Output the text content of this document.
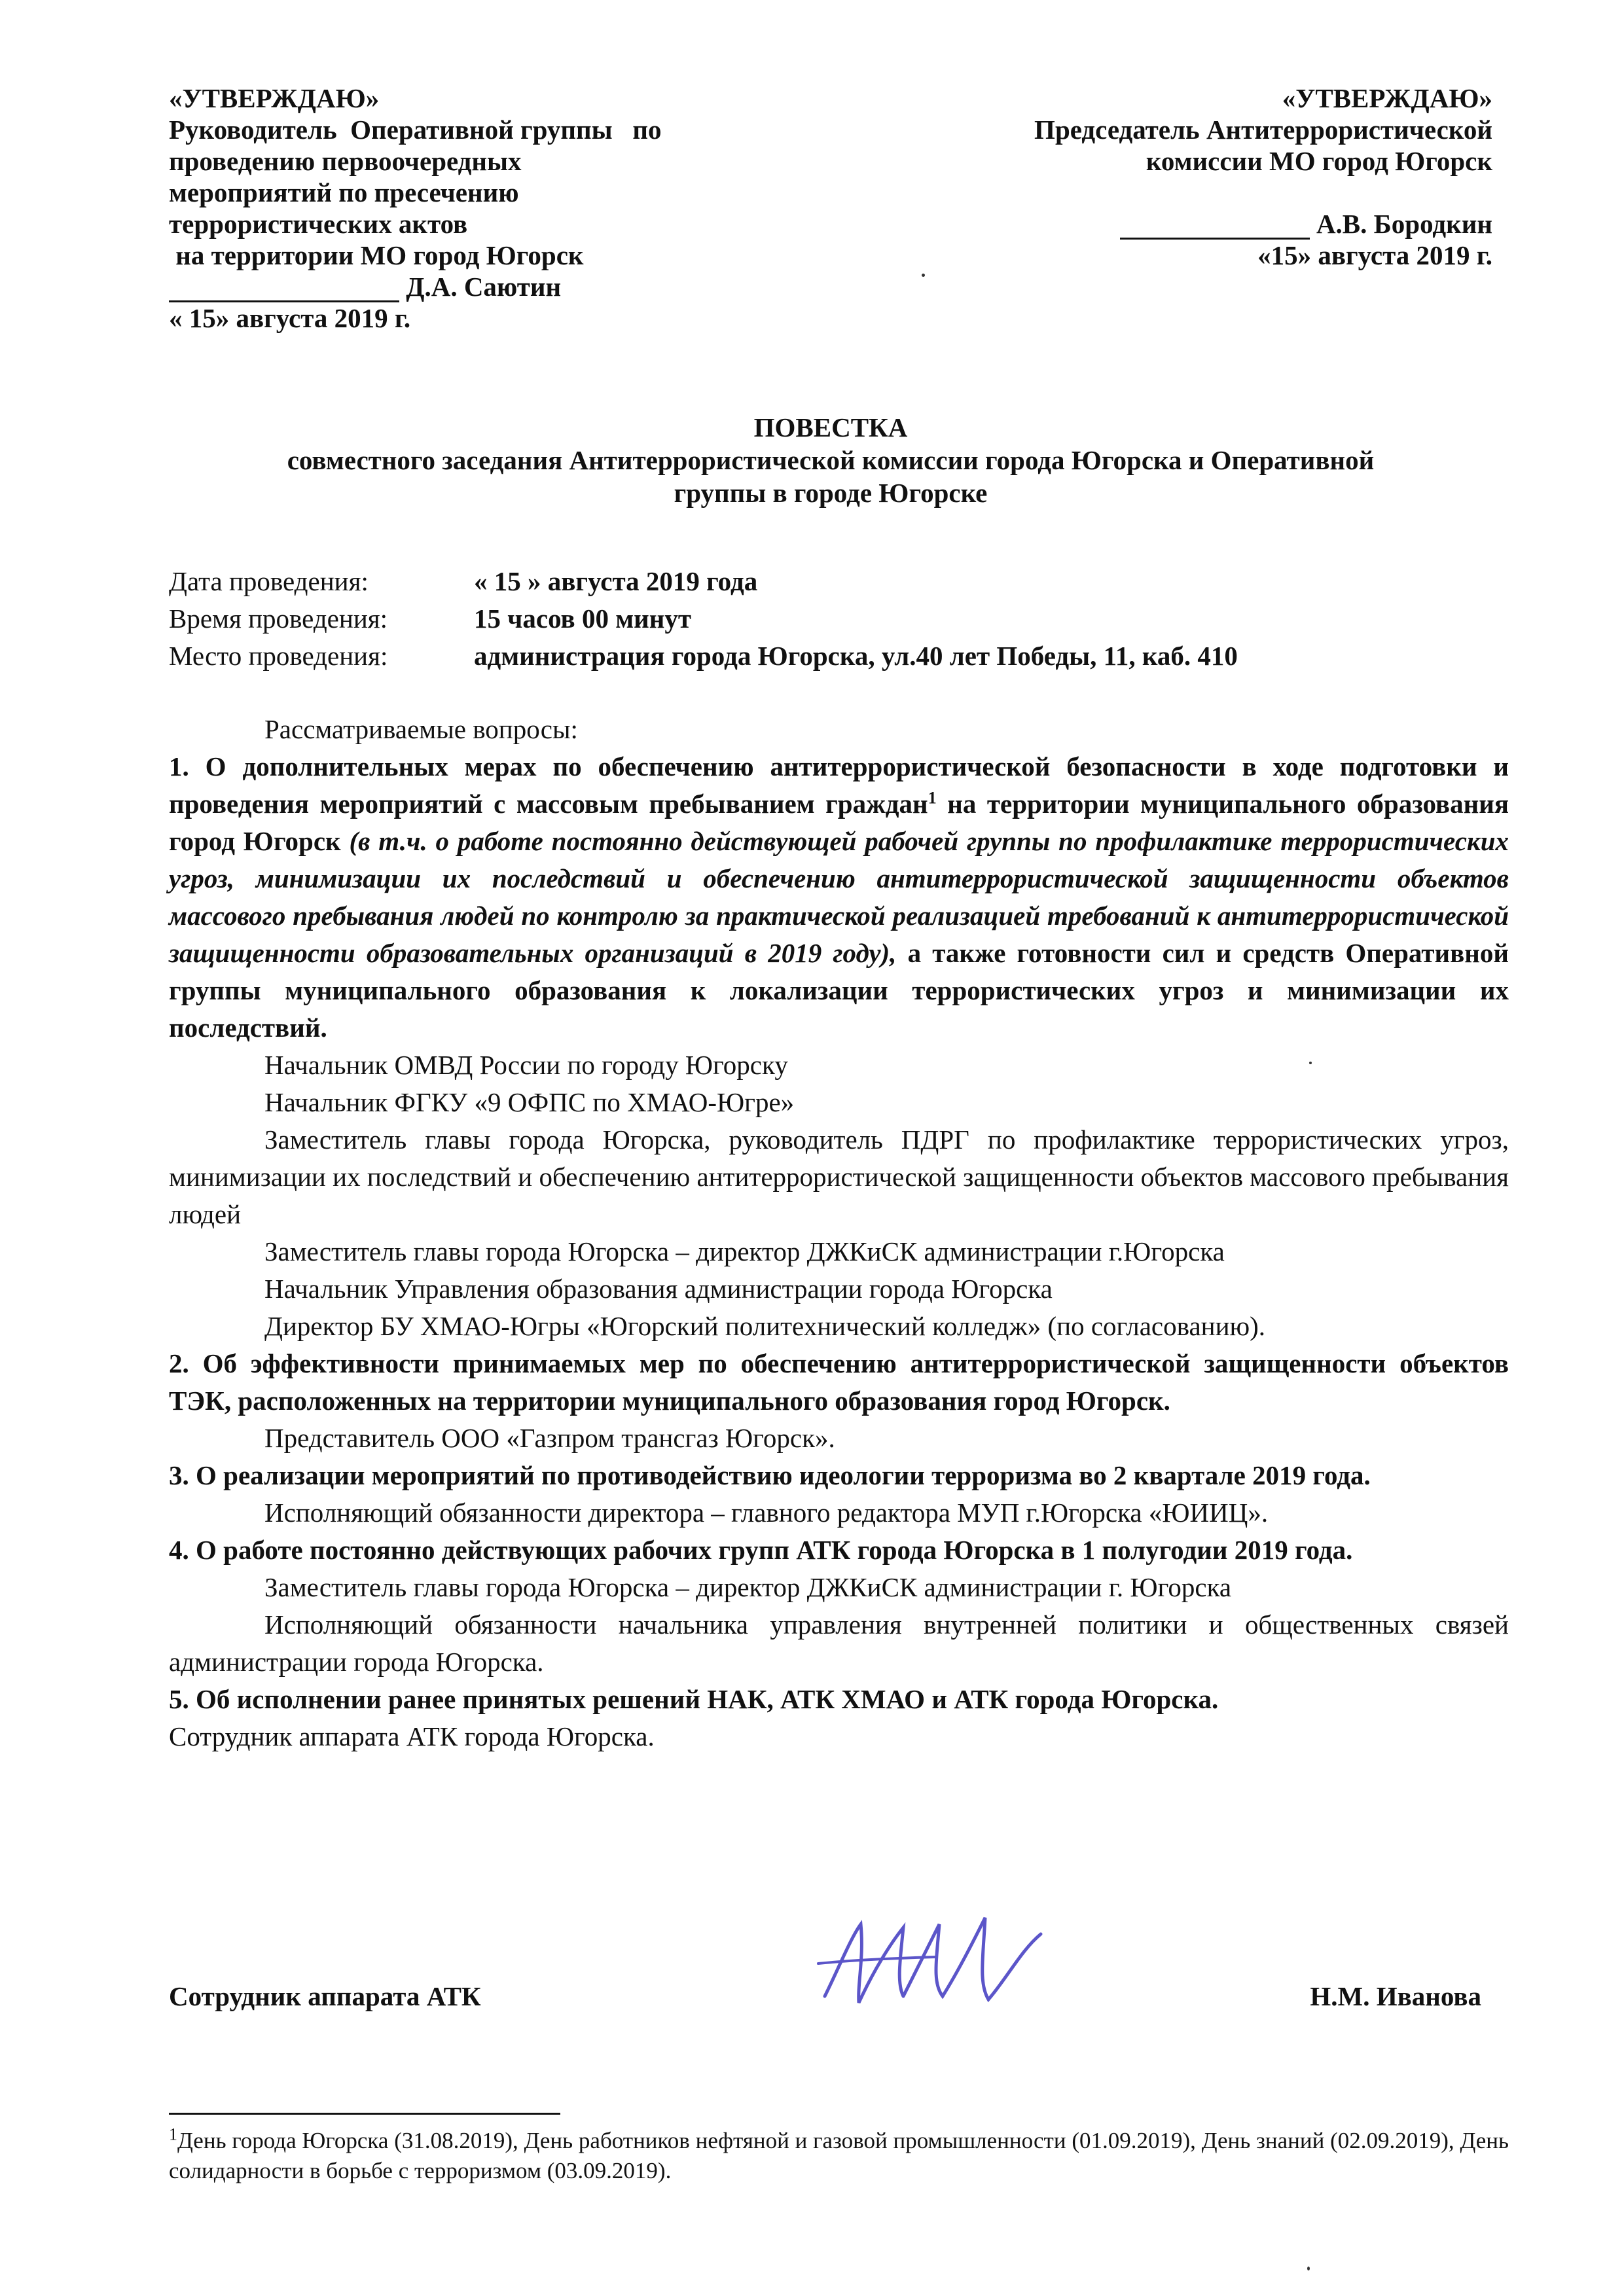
«УТВЕРЖДАЮ»
Руководитель  Оперативной группы   по
проведению первоочередных
мероприятий по пресечению
террористических актов
на территории МО город Югорск
Д.А. Саютин
« 15» августа 2019 г.
«УТВЕРЖДАЮ»
Председатель Антитеррористической
комиссии МО город Югорск
А.В. Бородкин
«15» августа 2019 г.
ПОВЕСТКА
совместного заседания Антитеррористической комиссии города Югорска и Оперативной
группы в городе Югорске
Дата проведения:	« 15 » августа 2019 года
Время проведения:	15 часов 00 минут
Место проведения:	администрация города Югорска, ул.40 лет Победы, 11, каб. 410
Рассматриваемые вопросы:
1. О дополнительных мерах по обеспечению антитеррористической безопасности в ходе подготовки и проведения мероприятий с массовым пребыванием граждан$^1$ на территории муниципального образования город Югорск (в т.ч. о работе постоянно действующей рабочей группы по профилактике террористических угроз, минимизации их последствий и обеспечению антитеррористической защищенности объектов массового пребывания людей по контролю за практической реализацией требований к антитеррористической защищенности образовательных организаций в 2019 году), а также готовности сил и средств Оперативной группы муниципального образования к локализации террористических угроз и минимизации их последствий.
Начальник ОМВД России по городу Югорску
Начальник ФГКУ «9 ОФПС по ХМАО-Югре»
Заместитель главы города Югорска, руководитель ПДРГ по профилактике террористических угроз, минимизации их последствий и обеспечению антитеррористической защищенности объектов массового пребывания людей
Заместитель главы города Югорска – директор ДЖКиСК администрации г.Югорска
Начальник Управления образования администрации города Югорска
Директор БУ ХМАО-Югры «Югорский политехнический колледж» (по согласованию).
2. Об эффективности принимаемых мер по обеспечению антитеррористической защищенности объектов ТЭК, расположенных на территории муниципального образования город Югорск.
Представитель ООО «Газпром трансгаз Югорск».
3. О реализации мероприятий по противодействию идеологии терроризма во 2 квартале 2019 года.
Исполняющий обязанности директора – главного редактора МУП г.Югорска «ЮИИЦ».
4. О работе постоянно действующих рабочих групп АТК города Югорска в 1 полугодии 2019 года.
Заместитель главы города Югорска – директор ДЖКиСК администрации г. Югорска
Исполняющий обязанности начальника управления внутренней политики и общественных связей администрации города Югорска.
5. Об исполнении ранее принятых решений НАК, АТК ХМАО и АТК города Югорска.
Сотрудник аппарата АТК города Югорска.
Сотрудник аппарата АТК	Н.М. Иванова
$^1$День города Югорска (31.08.2019), День работников нефтяной и газовой промышленности (01.09.2019), День знаний (02.09.2019), День солидарности в борьбе с терроризмом (03.09.2019).
